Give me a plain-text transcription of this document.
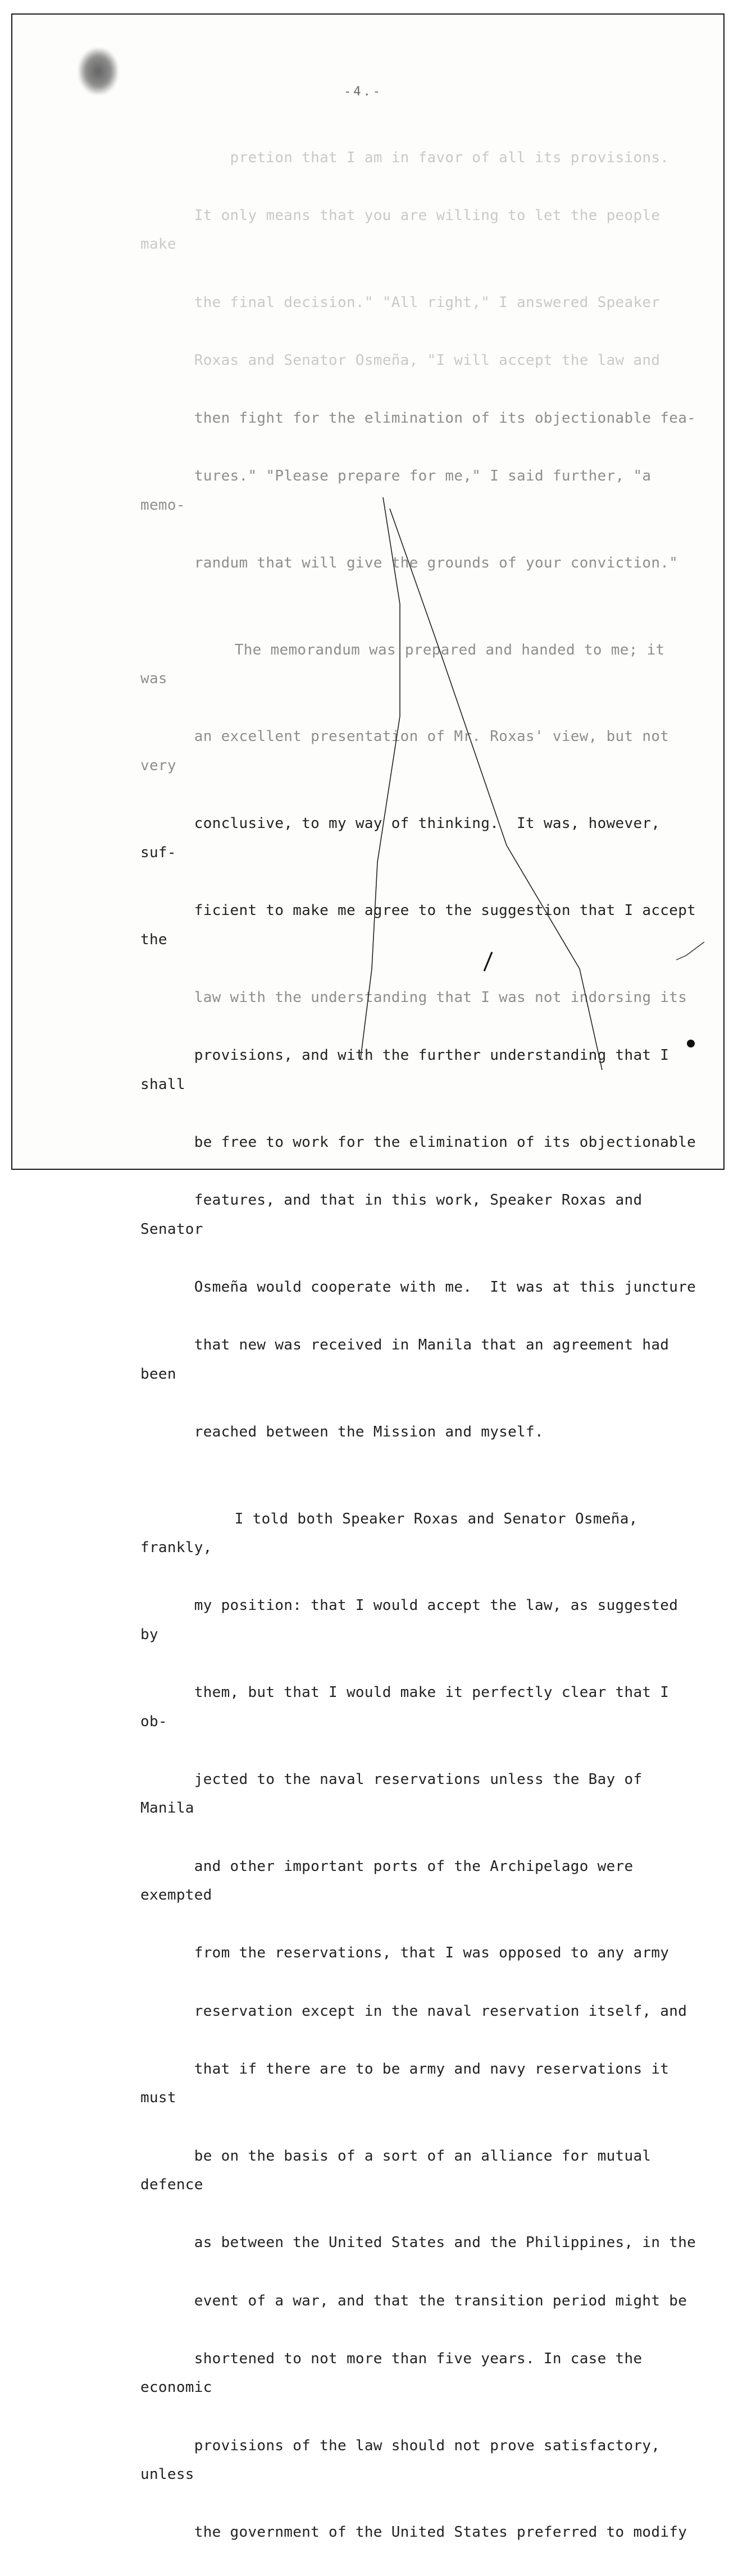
-4.-

pretion that I am in favor of all its provisions.

It only means that you are willing to let the people make

the final decision." "All right," I answered Speaker

Roxas and Senator Osmeña, "I will accept the law and

then fight for the elimination of its objectionable fea-

tures." "Please prepare for me," I said further, "a memo-

randum that will give the grounds of your conviction."

The memorandum was prepared and handed to me; it was

an excellent presentation of Mr. Roxas' view, but not very

conclusive, to my way of thinking.  It was, however, suf-

ficient to make me agree to the suggestion that I accept the

law with the understanding that I was not indorsing its

provisions, and with the further understanding that I shall

be free to work for the elimination of its objectionable

features, and that in this work, Speaker Roxas and Senator

Osmeña would cooperate with me.  It was at this juncture

that new was received in Manila that an agreement had been

reached between the Mission and myself.

I told both Speaker Roxas and Senator Osmeña, frankly,

my position: that I would accept the law, as suggested by

them, but that I would make it perfectly clear that I ob-

jected to the naval reservations unless the Bay of Manila

and other important ports of the Archipelago were exempted

from the reservations, that I was opposed to any army

reservation except in the naval reservation itself, and

that if there are to be army and navy reservations it must

be on the basis of a sort of an alliance for mutual defence

as between the United States and the Philippines, in the

event of a war, and that the transition period might be

shortened to not more than five years. In case the economic

provisions of the law should not prove satisfactory, unless

the government of the United States preferred to modify
